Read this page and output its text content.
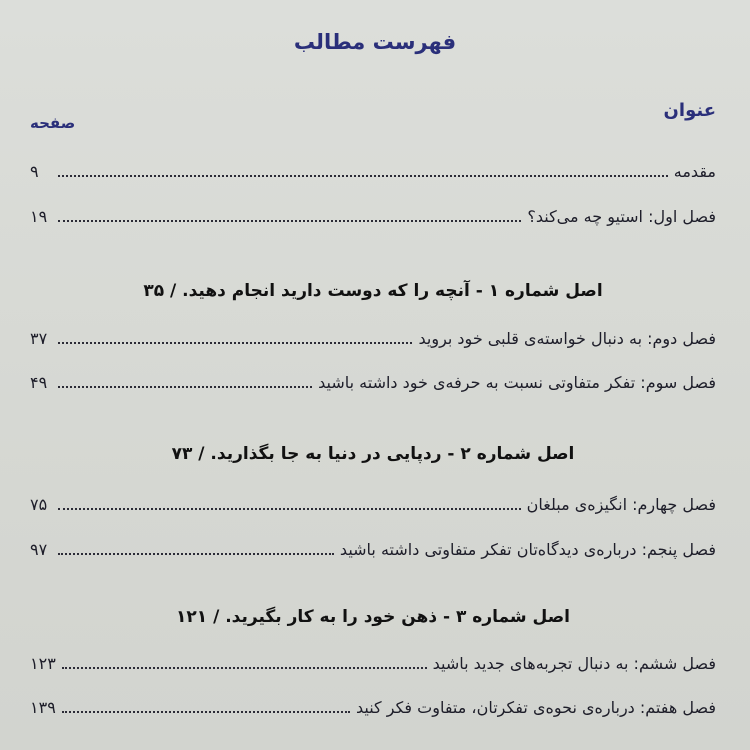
فهرست مطالب
عنوان
صفحه
مقدمه
۹
فصل اول: استیو چه می‌کند؟
۱۹
اصل شماره ۱ - آنچه را که دوست دارید انجام دهید. / ۳۵
فصل دوم: به دنبال خواسته‌ی قلبی خود بروید
۳۷
فصل سوم: تفکر متفاوتی نسبت به حرفه‌ی خود داشته باشید
۴۹
اصل شماره ۲ - ردپایی در دنیا به جا بگذارید. / ۷۳
فصل چهارم: انگیزه‌ی مبلغان
۷۵
فصل پنجم: درباره‌ی دیدگاه‌تان تفکر متفاوتی داشته باشید
۹۷
اصل شماره ۳ - ذهن خود را به کار بگیرید. / ۱۲۱
فصل ششم: به دنبال تجربه‌های جدید باشید
۱۲۳
فصل هفتم: درباره‌ی نحوه‌ی تفکرتان، متفاوت فکر کنید
۱۳۹
